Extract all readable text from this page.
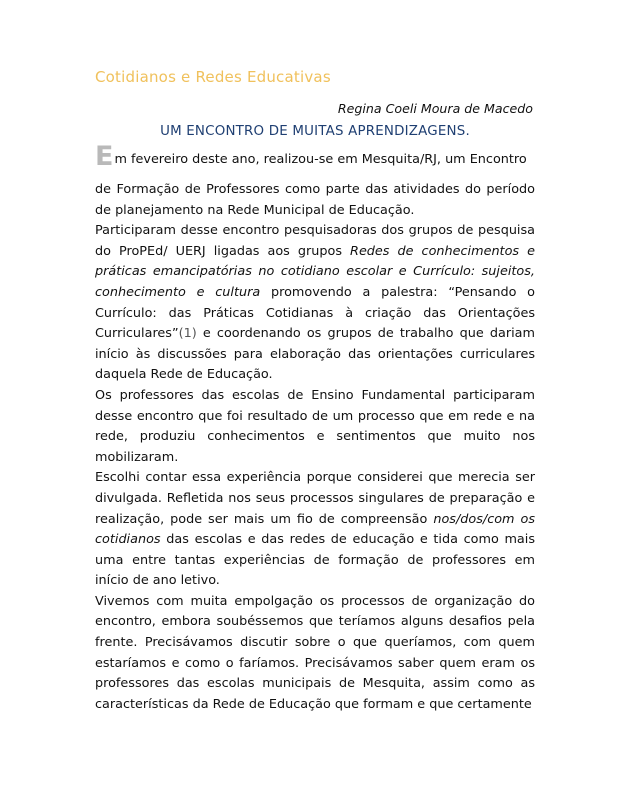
Cotidianos e Redes Educativas
Regina Coeli Moura de Macedo
UM ENCONTRO DE MUITAS APRENDIZAGENS.
Em fevereiro deste ano, realizou-se em Mesquita/RJ, um Encontro

de Formação de Professores como parte das atividades do período de planejamento na Rede Municipal de Educação.

Participaram desse encontro pesquisadoras dos grupos de pesquisa do ProPEd/ UERJ ligadas aos grupos Redes de conhecimentos e práticas emancipatórias no cotidiano escolar e Currículo: sujeitos, conhecimento e cultura promovendo a palestra: “Pensando o Currículo: das Práticas Cotidianas à criação das Orientações Curriculares”(1) e coordenando os grupos de trabalho que dariam início às discussões para elaboração das orientações curriculares daquela Rede de Educação.

Os professores das escolas de Ensino Fundamental participaram desse encontro que foi resultado de um processo que em rede e na rede, produziu conhecimentos e sentimentos que muito nos mobilizaram.

Escolhi contar essa experiência porque considerei que merecia ser divulgada. Refletida nos seus processos singulares de preparação e realização, pode ser mais um fio de compreensão nos/dos/com os cotidianos das escolas e das redes de educação e tida como mais uma entre tantas experiências de formação de professores em início de ano letivo.

Vivemos com muita empolgação os processos de organização do encontro, embora soubéssemos que teríamos alguns desafios pela frente. Precisávamos discutir sobre o que queríamos, com quem estaríamos e como o faríamos. Precisávamos saber quem eram os professores das escolas municipais de Mesquita, assim como as características da Rede de Educação que formam e que certamente
